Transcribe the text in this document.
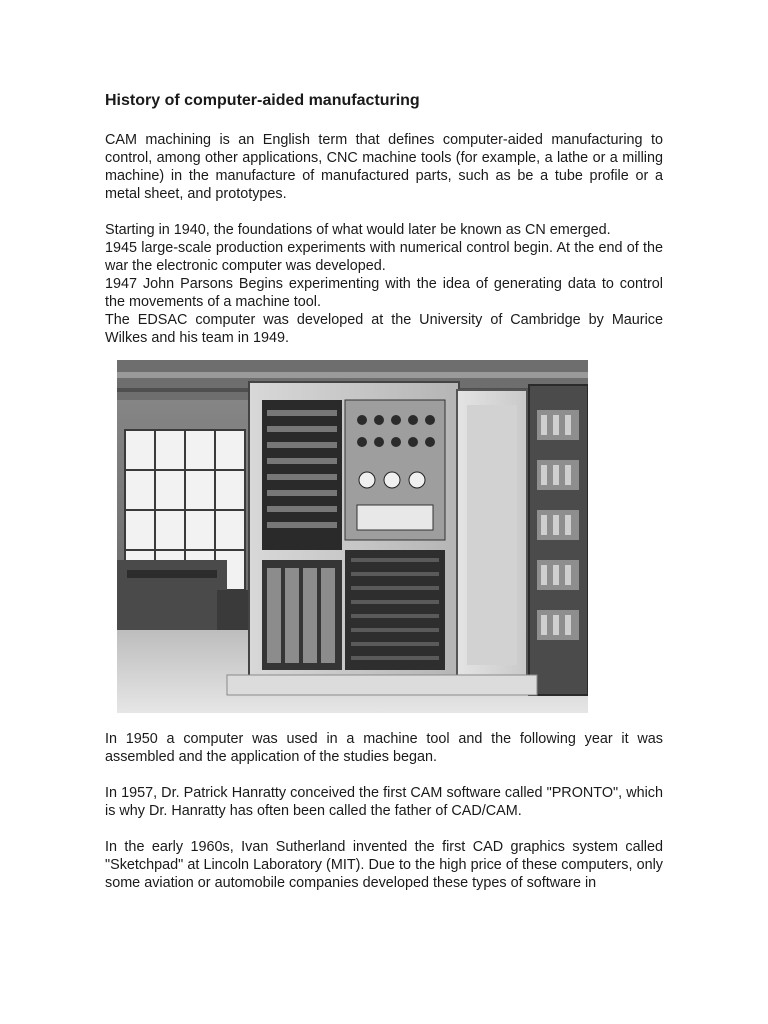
History of computer-aided manufacturing

CAM machining is an English term that defines computer-aided manufacturing to control, among other applications, CNC machine tools (for example, a lathe or a milling machine) in the manufacture of manufactured parts, such as be a tube profile or a metal sheet, and prototypes.

Starting in 1940, the foundations of what would later be known as CN emerged.

1945 large-scale production experiments with numerical control begin. At the end of the war the electronic computer was developed.

1947 John Parsons Begins experimenting with the idea of generating data to control the movements of a machine tool.

The EDSAC computer was developed at the University of Cambridge by Maurice Wilkes and his team in 1949.

In 1950 a computer was used in a machine tool and the following year it was assembled and the application of the studies began.

In 1957, Dr. Patrick Hanratty conceived the first CAM software called "PRONTO", which is why Dr. Hanratty has often been called the father of CAD/CAM.

In the early 1960s, Ivan Sutherland invented the first CAD graphics system called "Sketchpad" at Lincoln Laboratory (MIT). Due to the high price of these computers, only some aviation or automobile companies developed these types of software in
